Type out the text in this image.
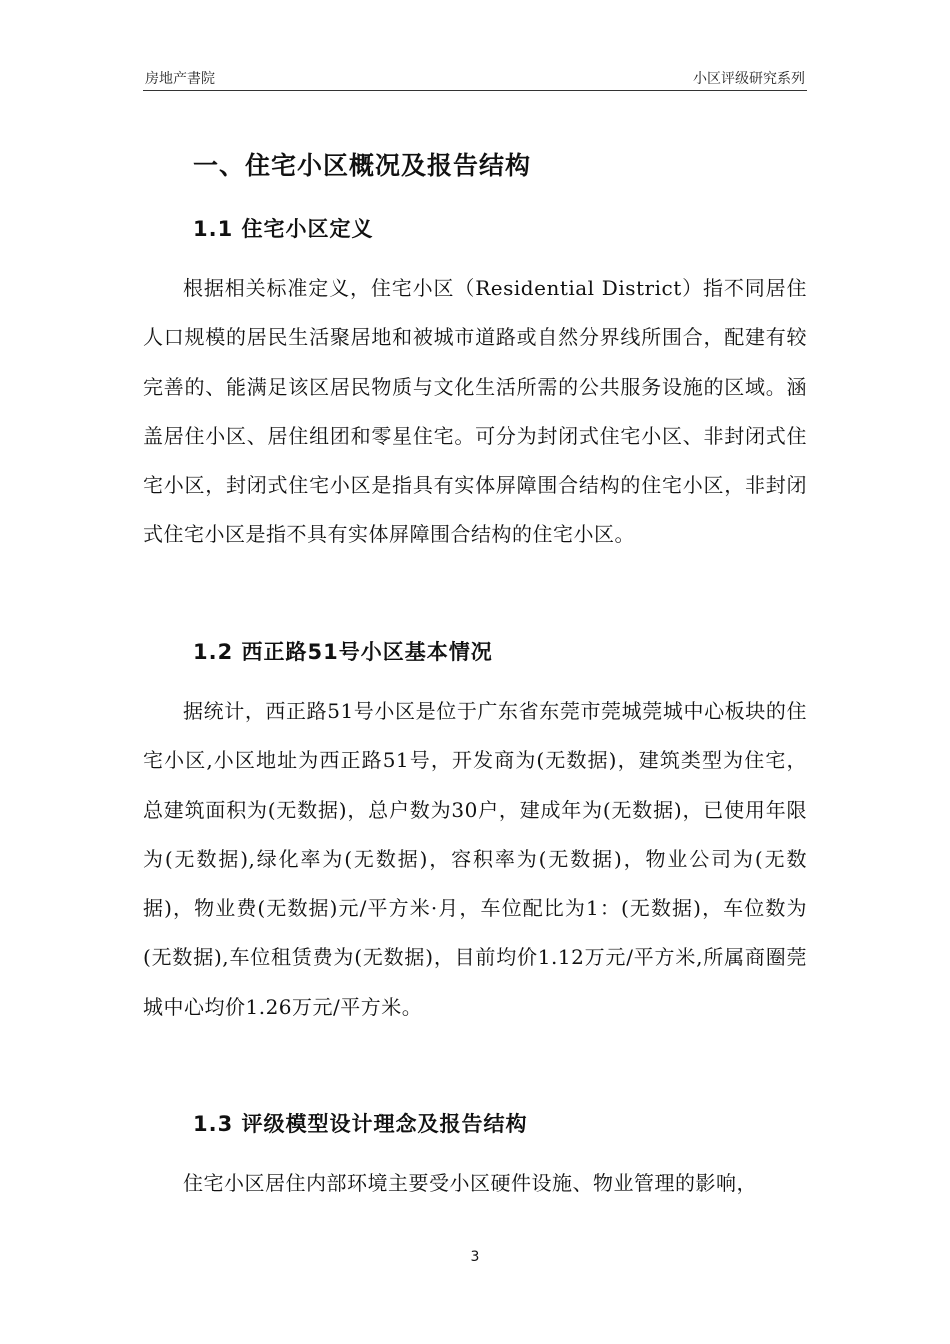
房地产書院	小区评级研究系列
一、住宅小区概况及报告结构
1.1 住宅小区定义

根据相关标准定义，住宅小区（Residential District）指不同居住人口规模的居民生活聚居地和被城市道路或自然分界线所围合，配建有较完善的、能满足该区居民物质与文化生活所需的公共服务设施的区域。涵盖居住小区、居住组团和零星住宅。可分为封闭式住宅小区、非封闭式住宅小区，封闭式住宅小区是指具有实体屏障围合结构的住宅小区，非封闭式住宅小区是指不具有实体屏障围合结构的住宅小区。

1.2 西正路51号小区基本情况

据统计，西正路51号小区是位于广东省东莞市莞城莞城中心板块的住宅小区,小区地址为西正路51号，开发商为(无数据)，建筑类型为住宅，总建筑面积为(无数据)，总户数为30户，建成年为(无数据)，已使用年限为(无数据),绿化率为(无数据)，容积率为(无数据)，物业公司为(无数据)，物业费(无数据)元/平方米·月，车位配比为1：(无数据)，车位数为(无数据),车位租赁费为(无数据)，目前均价1.12万元/平方米,所属商圈莞城中心均价1.26万元/平方米。

1.3 评级模型设计理念及报告结构

住宅小区居住内部环境主要受小区硬件设施、物业管理的影响，

3
